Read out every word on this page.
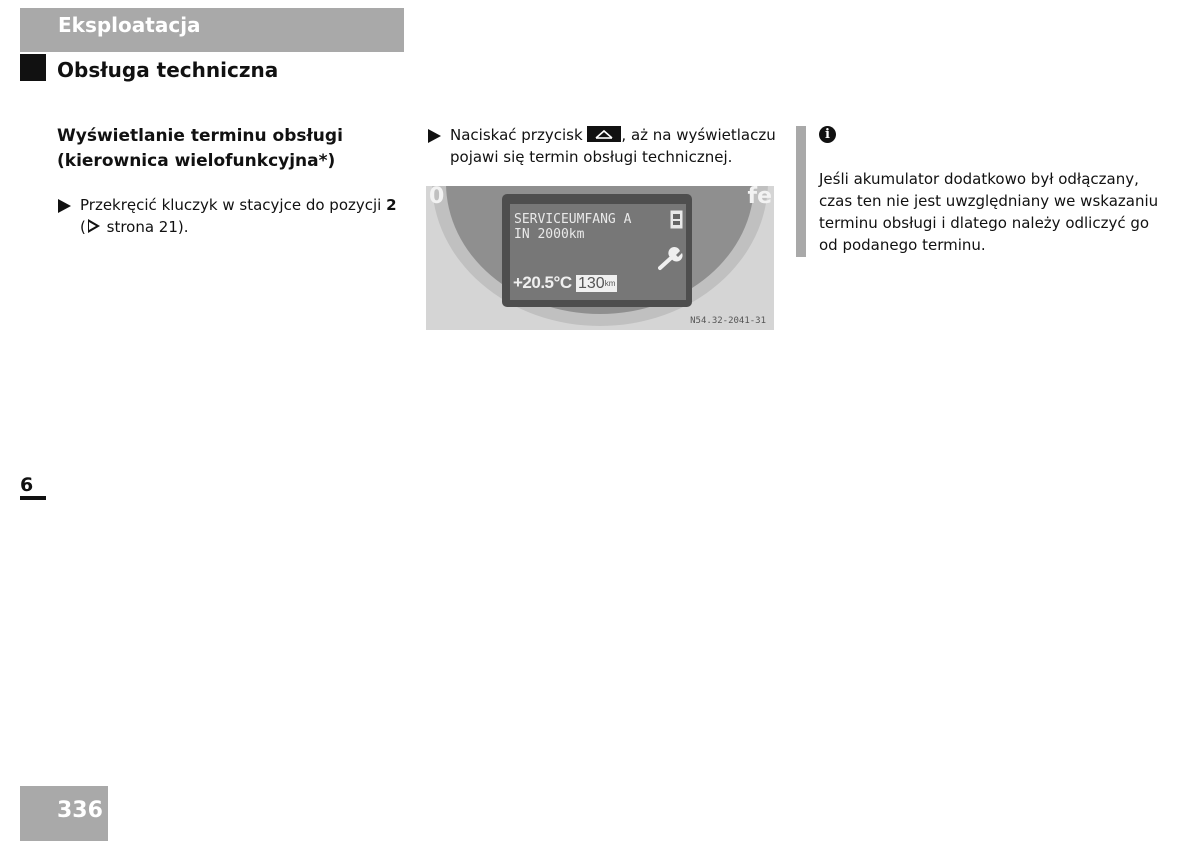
Eksploatacja
Obsługa techniczna
Wyświetlanie terminu obsługi
(kierownica wielofunkcyjna*)
Przekręcić kluczyk w stacyjce do pozycji 2
( strona 21).
Naciskać przycisk
, aż na wyświetlaczu pojawi się termin obsługi technicznej.
0	fe
SERVICEUMFANG A
IN 2000km
+20.5°C $130^{km}$
N54.32-2041-31
i

Jeśli akumulator dodatkowo był odłączany, czas ten nie jest uwzględniany we wskazaniu terminu obsługi i dlatego należy odliczyć go od podanego terminu.

6
336
